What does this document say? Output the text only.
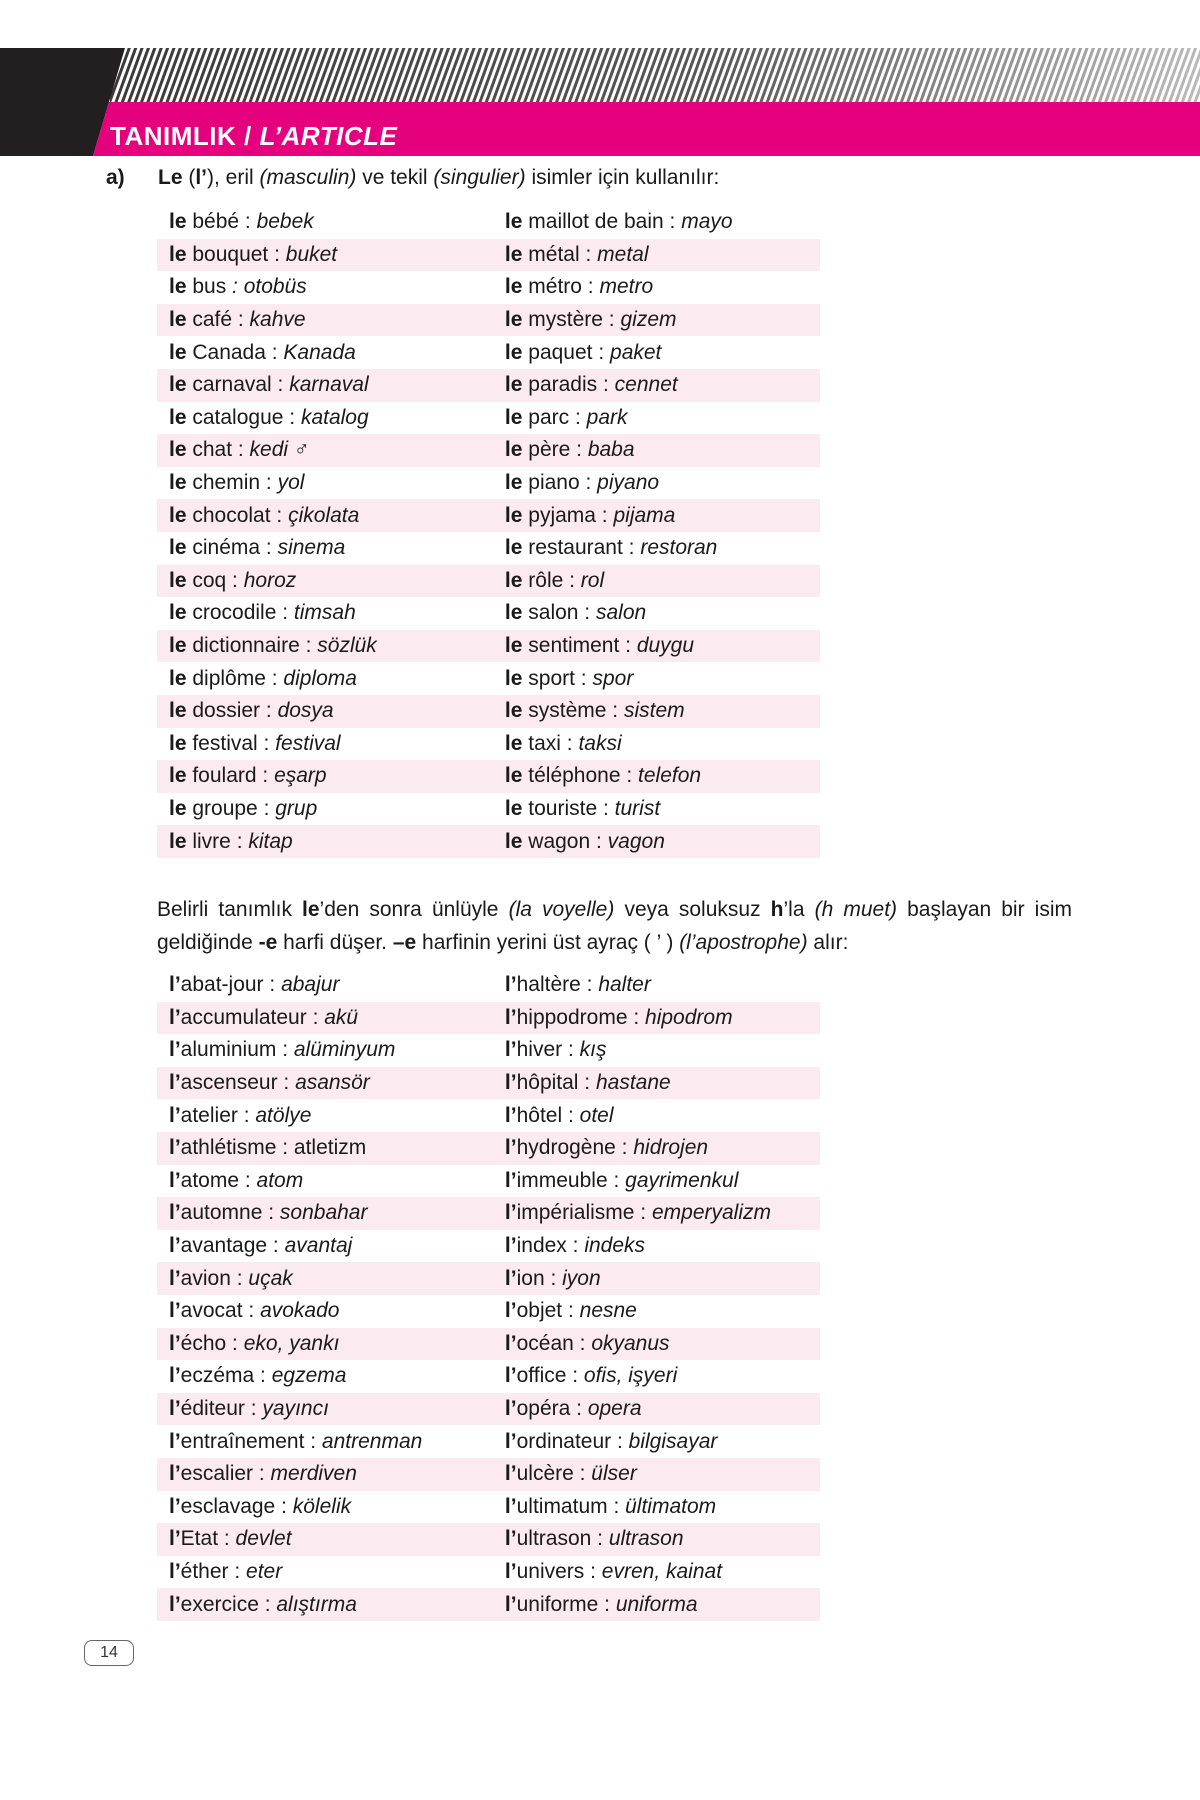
TANIMLIK / L’ARTICLE
a) Le (l’), eril (masculin) ve tekil (singulier) isimler için kullanılır:
le bébé : bebek	le maillot de bain : mayo
le bouquet : buket	le métal : metal
le bus : otobüs	le métro : metro
le café : kahve	le mystère : gizem
le Canada : Kanada	le paquet : paket
le carnaval : karnaval	le paradis : cennet
le catalogue : katalog	le parc : park
le chat : kedi ♂	le père : baba
le chemin : yol	le piano : piyano
le chocolat : çikolata	le pyjama : pijama
le cinéma : sinema	le restaurant : restoran
le coq : horoz	le rôle : rol
le crocodile : timsah	le salon : salon
le dictionnaire : sözlük	le sentiment : duygu
le diplôme : diploma	le sport : spor
le dossier : dosya	le système : sistem
le festival : festival	le taxi : taksi
le foulard : eşarp	le téléphone : telefon
le groupe : grup	le touriste : turist
le livre : kitap	le wagon : vagon

Belirli tanımlık le’den sonra ünlüyle (la voyelle) veya soluksuz h’la (h muet) başlayan bir isim geldiğinde -e harfi düşer. –e harfinin yerini üst ayraç ( ’ ) (l’apostrophe) alır:

l’abat-jour : abajur	l’haltère : halter
l’accumulateur : akü	l’hippodrome : hipodrom
l’aluminium : alüminyum	l’hiver : kış
l’ascenseur : asansör	l’hôpital : hastane
l’atelier : atölye	l’hôtel : otel
l’athlétisme : atletizm	l’hydrogène : hidrojen
l’atome : atom	l’immeuble : gayrimenkul
l’automne : sonbahar	l’impérialisme : emperyalizm
l’avantage : avantaj	l’index : indeks
l’avion : uçak	l’ion : iyon
l’avocat : avokado	l’objet : nesne
l’écho : eko, yankı	l’océan : okyanus
l’eczéma : egzema	l’office : ofis, işyeri
l’éditeur : yayıncı	l’opéra : opera
l’entraînement : antrenman	l’ordinateur : bilgisayar
l’escalier : merdiven	l’ulcère : ülser
l’esclavage : kölelik	l’ultimatum : ültimatom
l’Etat : devlet	l’ultrason : ultrason
l’éther : eter	l’univers : evren, kainat
l’exercice : alıştırma	l’uniforme : uniforma
14
